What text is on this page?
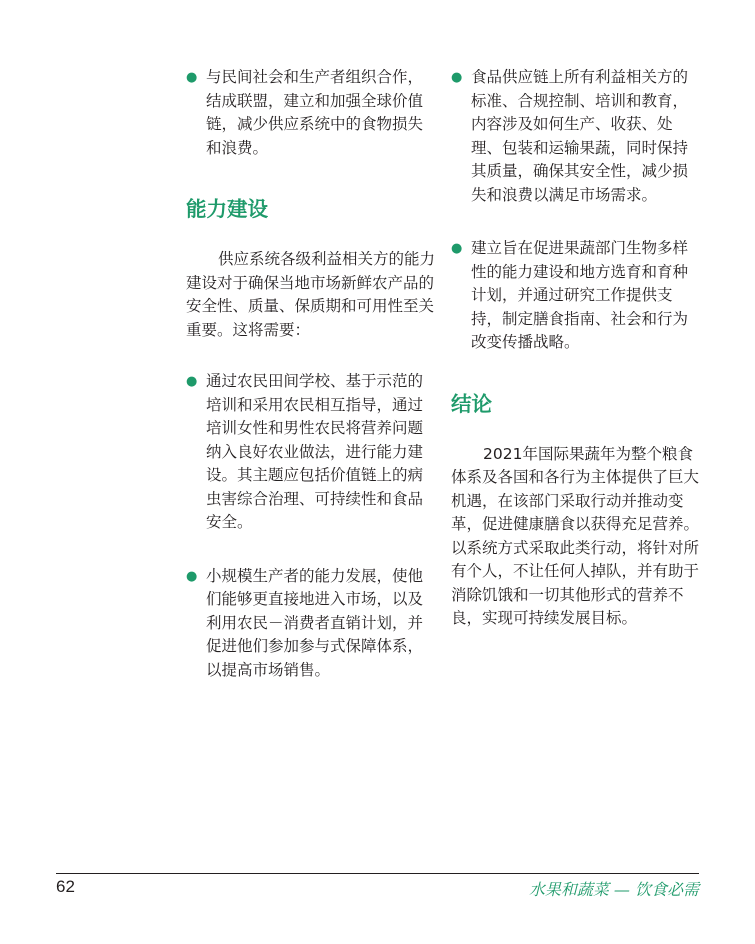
● 与民间社会和生产者组织合作，结成联盟，建立和加强全球价值链，减少供应系统中的食物损失和浪费。
能力建设

供应系统各级利益相关方的能力建设对于确保当地市场新鲜农产品的安全性、质量、保质期和可用性至关重要。这将需要：

● 通过农民田间学校、基于示范的培训和采用农民相互指导，通过培训女性和男性农民将营养问题纳入良好农业做法，进行能力建设。其主题应包括价值链上的病虫害综合治理、可持续性和食品安全。
● 小规模生产者的能力发展，使他们能够更直接地进入市场，以及利用农民－消费者直销计划，并促进他们参加参与式保障体系，以提高市场销售。
● 食品供应链上所有利益相关方的标准、合规控制、培训和教育，内容涉及如何生产、收获、处理、包装和运输果蔬，同时保持其质量，确保其安全性，减少损失和浪费以满足市场需求。
● 建立旨在促进果蔬部门生物多样性的能力建设和地方选育和育种计划，并通过研究工作提供支持，制定膳食指南、社会和行为改变传播战略。
结论

2021年国际果蔬年为整个粮食体系及各国和各行为主体提供了巨大机遇，在该部门采取行动并推动变革，促进健康膳食以获得充足营养。以系统方式采取此类行动，将针对所有个人，不让任何人掉队，并有助于消除饥饿和一切其他形式的营养不良，实现可持续发展目标。

62	水果和蔬菜 — 饮食必需
